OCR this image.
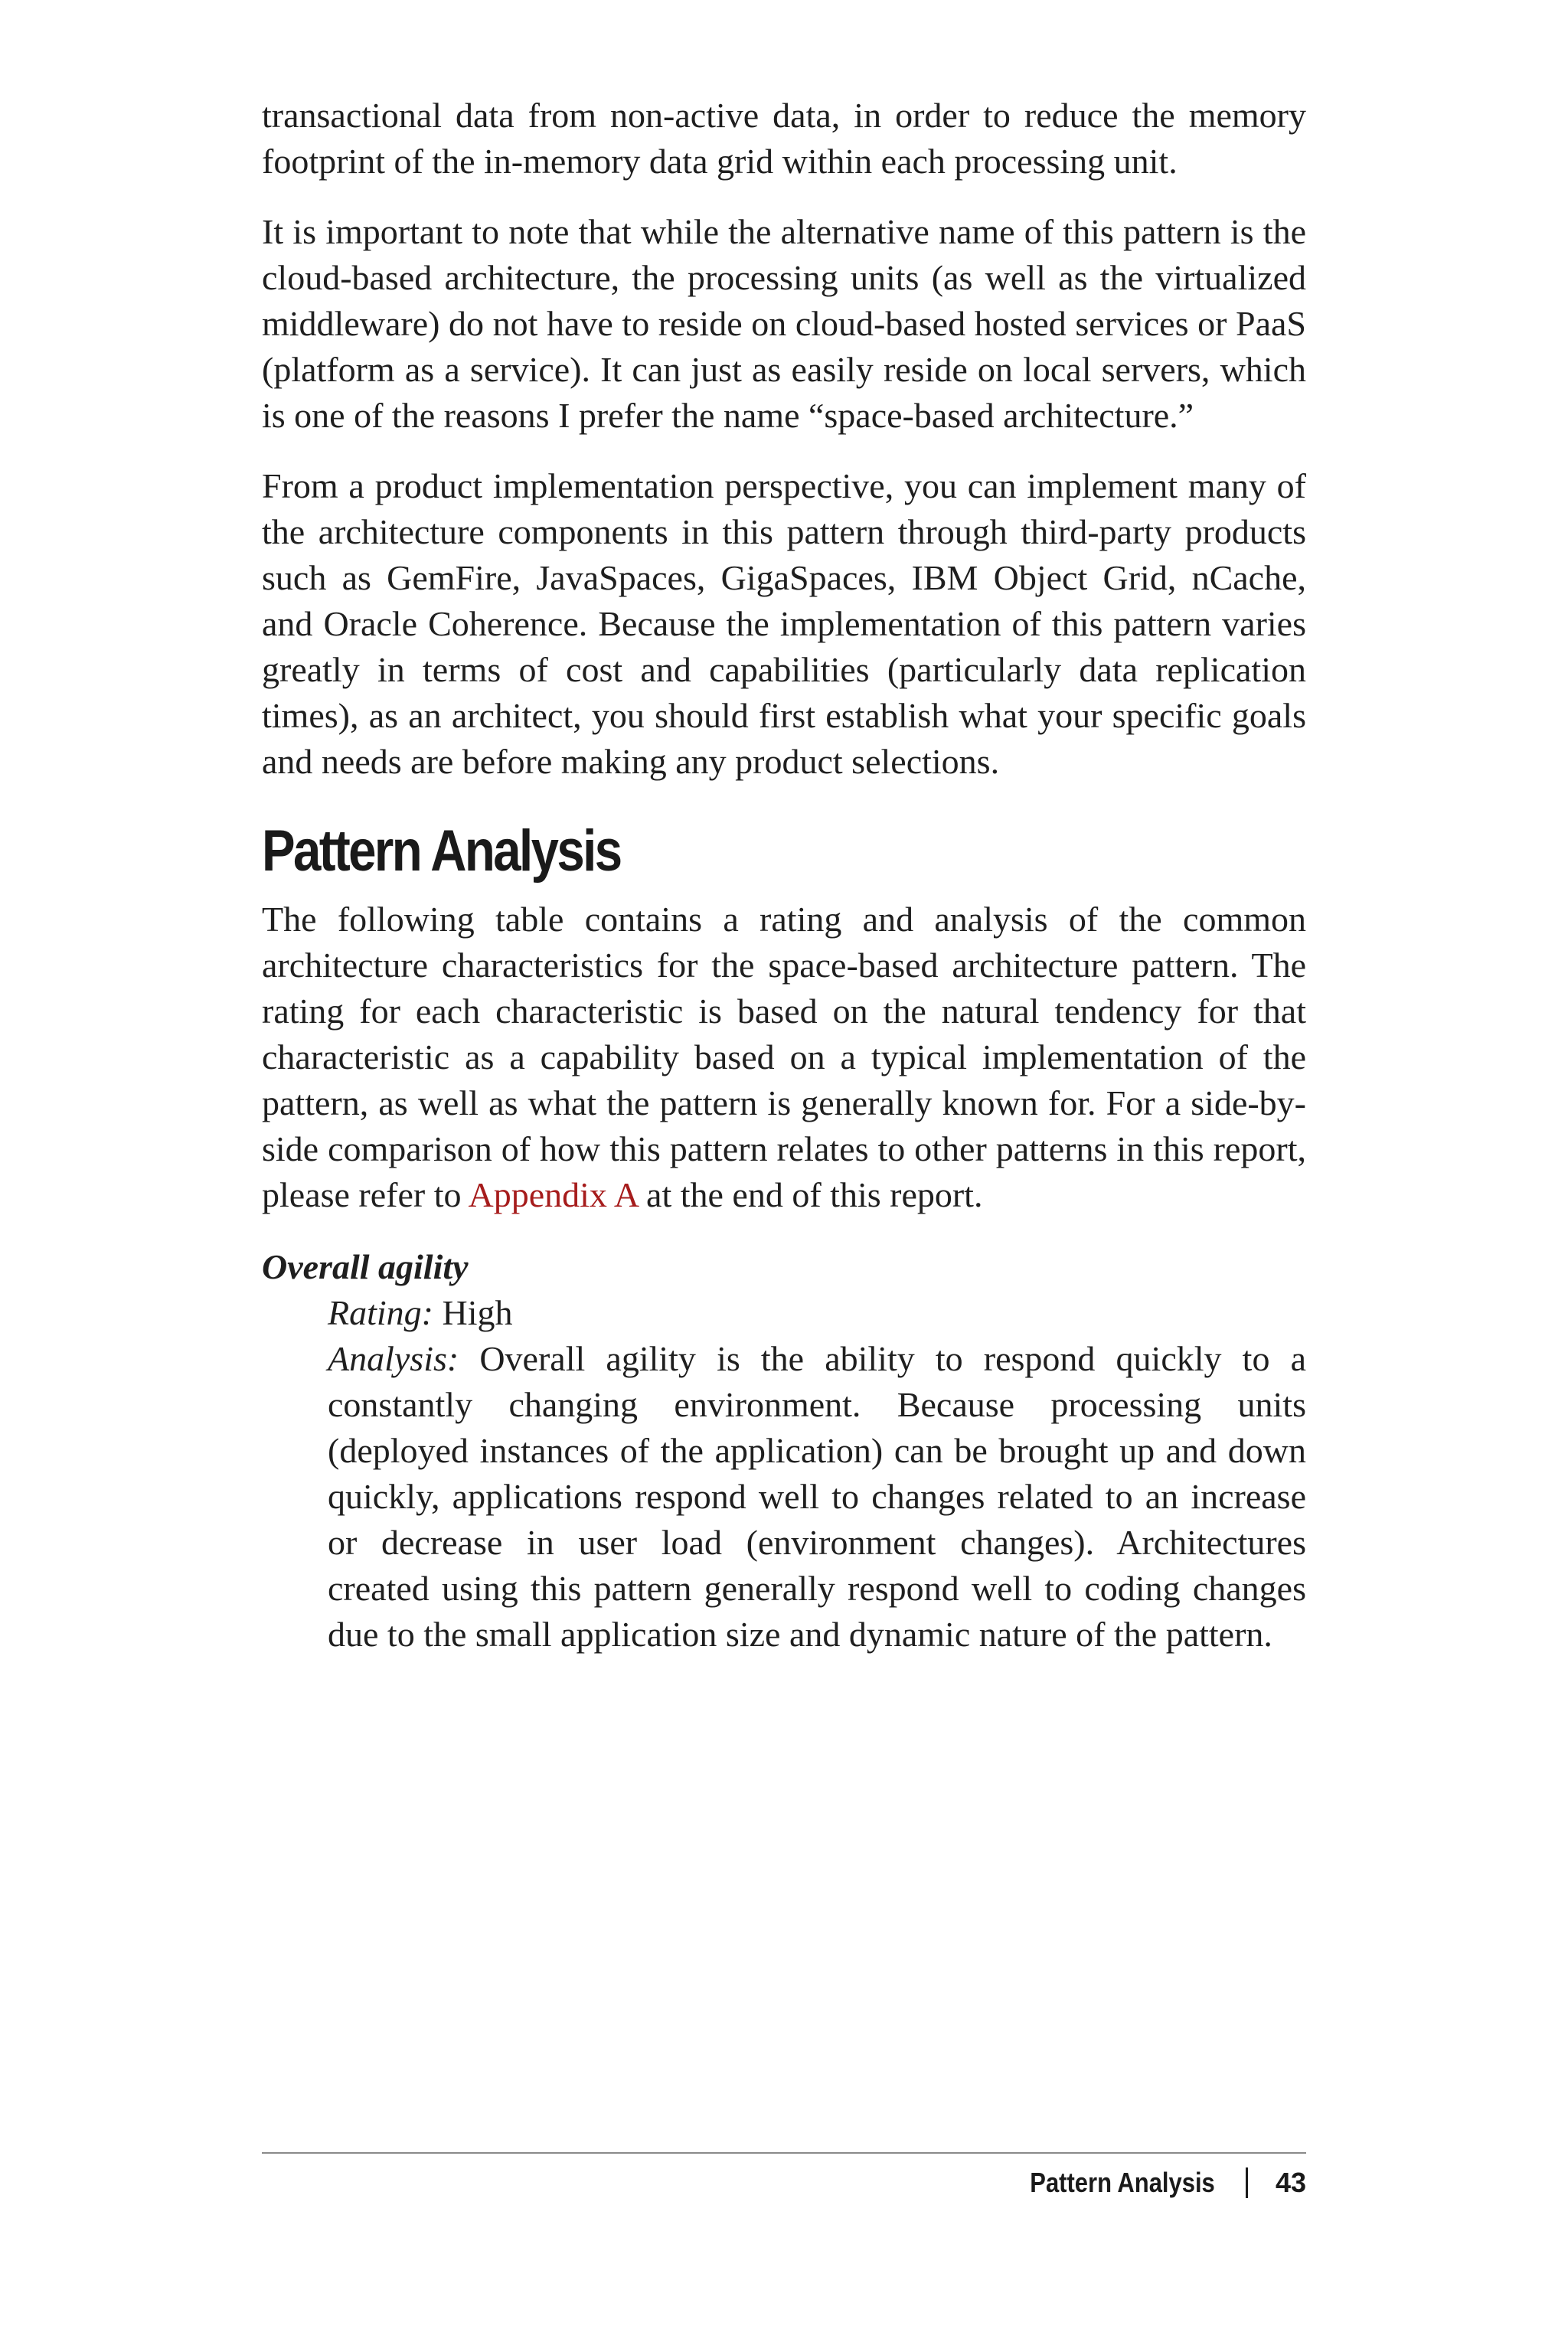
transactional data from non-active data, in order to reduce the memory footprint of the in-memory data grid within each processing unit.

It is important to note that while the alternative name of this pattern is the cloud-based architecture, the processing units (as well as the virtualized middleware) do not have to reside on cloud-based hosted services or PaaS (platform as a service). It can just as easily reside on local servers, which is one of the reasons I prefer the name “space-based architecture.”

From a product implementation perspective, you can implement many of the architecture components in this pattern through third-party products such as GemFire, JavaSpaces, GigaSpaces, IBM Object Grid, nCache, and Oracle Coherence. Because the implementation of this pattern varies greatly in terms of cost and capabilities (particularly data replication times), as an architect, you should first establish what your specific goals and needs are before making any product selections.

Pattern Analysis

The following table contains a rating and analysis of the common architecture characteristics for the space-based architecture pattern. The rating for each characteristic is based on the natural tendency for that characteristic as a capability based on a typical implementation of the pattern, as well as what the pattern is generally known for. For a side-by-side comparison of how this pattern relates to other patterns in this report, please refer to Appendix A at the end of this report.

Overall agility
Rating: High
Analysis: Overall agility is the ability to respond quickly to a constantly changing environment. Because processing units (deployed instances of the application) can be brought up and down quickly, applications respond well to changes related to an increase or decrease in user load (environment changes). Architectures created using this pattern generally respond well to coding changes due to the small application size and dynamic nature of the pattern.
Pattern Analysis 43
